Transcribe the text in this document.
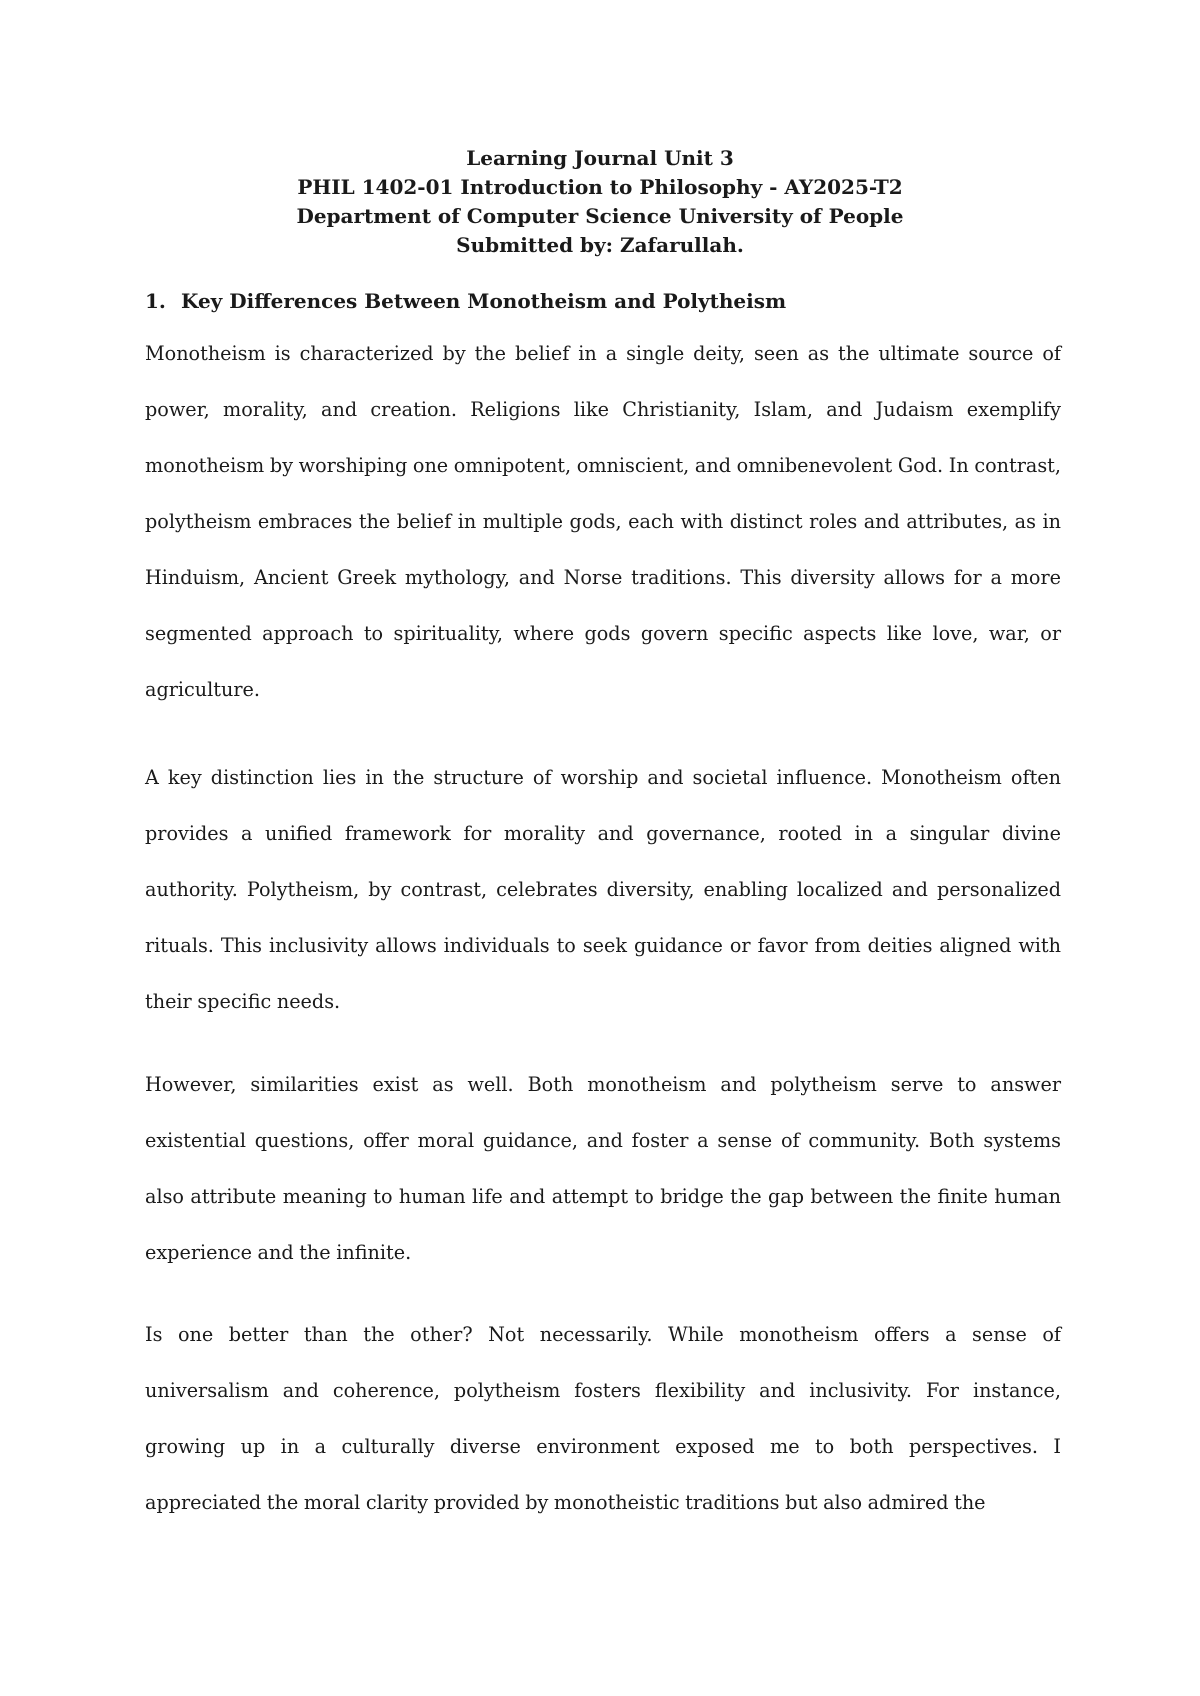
Learning Journal Unit 3
PHIL 1402-01 Introduction to Philosophy - AY2025-T2
Department of Computer Science University of People
Submitted by: Zafarullah.
1. Key Differences Between Monotheism and Polytheism

Monotheism is characterized by the belief in a single deity, seen as the ultimate source of power, morality, and creation. Religions like Christianity, Islam, and Judaism exemplify monotheism by worshiping one omnipotent, omniscient, and omnibenevolent God. In contrast, polytheism embraces the belief in multiple gods, each with distinct roles and attributes, as in Hinduism, Ancient Greek mythology, and Norse traditions. This diversity allows for a more segmented approach to spirituality, where gods govern specific aspects like love, war, or agriculture.

A key distinction lies in the structure of worship and societal influence. Monotheism often provides a unified framework for morality and governance, rooted in a singular divine authority. Polytheism, by contrast, celebrates diversity, enabling localized and personalized rituals. This inclusivity allows individuals to seek guidance or favor from deities aligned with their specific needs.

However, similarities exist as well. Both monotheism and polytheism serve to answer existential questions, offer moral guidance, and foster a sense of community. Both systems also attribute meaning to human life and attempt to bridge the gap between the finite human experience and the infinite.

Is one better than the other? Not necessarily. While monotheism offers a sense of universalism and coherence, polytheism fosters flexibility and inclusivity. For instance, growing up in a culturally diverse environment exposed me to both perspectives. I appreciated the moral clarity provided by monotheistic traditions but also admired the
